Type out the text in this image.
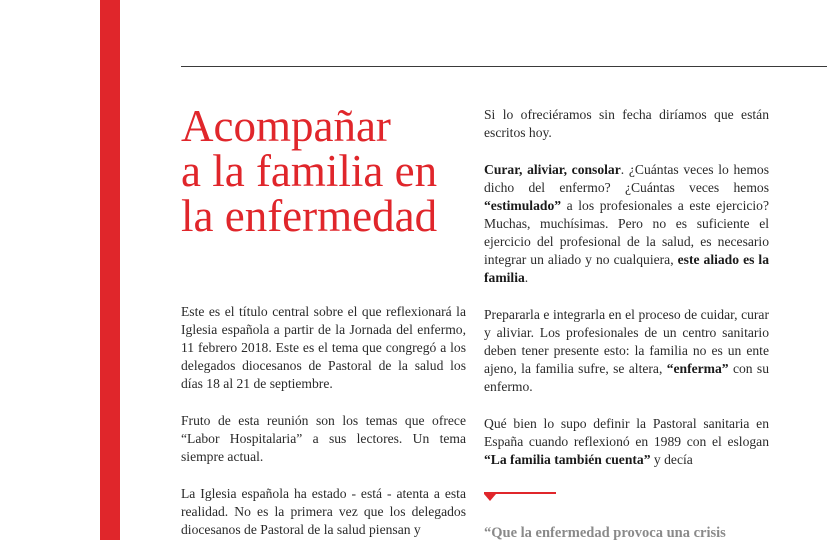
Acompañar
a la familia en
la enfermedad

Este es el título central sobre el que reflexionará la Iglesia española a partir de la Jornada del enfermo, 11 febrero 2018. Este es el tema que congregó a los delegados diocesanos de Pastoral de la salud los días 18 al 21 de septiembre.

Fruto de esta reunión son los temas que ofrece “Labor Hospitalaria” a sus lectores. Un tema siempre actual.

La Iglesia española ha estado - está - atenta a esta realidad. No es la primera vez que los delegados diocesanos de Pastoral de la salud piensan y

Si lo ofreciéramos sin fecha diríamos que están escritos hoy.

Curar, aliviar, consolar. ¿Cuántas veces lo hemos dicho del enfermo? ¿Cuántas veces hemos “estimulado” a los profesionales a este ejercicio? Muchas, muchísimas. Pero no es suficiente el ejercicio del profesional de la salud, es necesario integrar un aliado y no cualquiera, este aliado es la familia.

Prepararla e integrarla en el proceso de cuidar, curar y aliviar. Los profesionales de un centro sanitario deben tener presente esto: la familia no es un ente ajeno, la familia sufre, se altera, “enferma” con su enfermo.

Qué bien lo supo definir la Pastoral sanitaria en España cuando reflexionó en 1989 con el eslogan “La familia también cuenta” y decía

“Que la enfermedad provoca una crisis
